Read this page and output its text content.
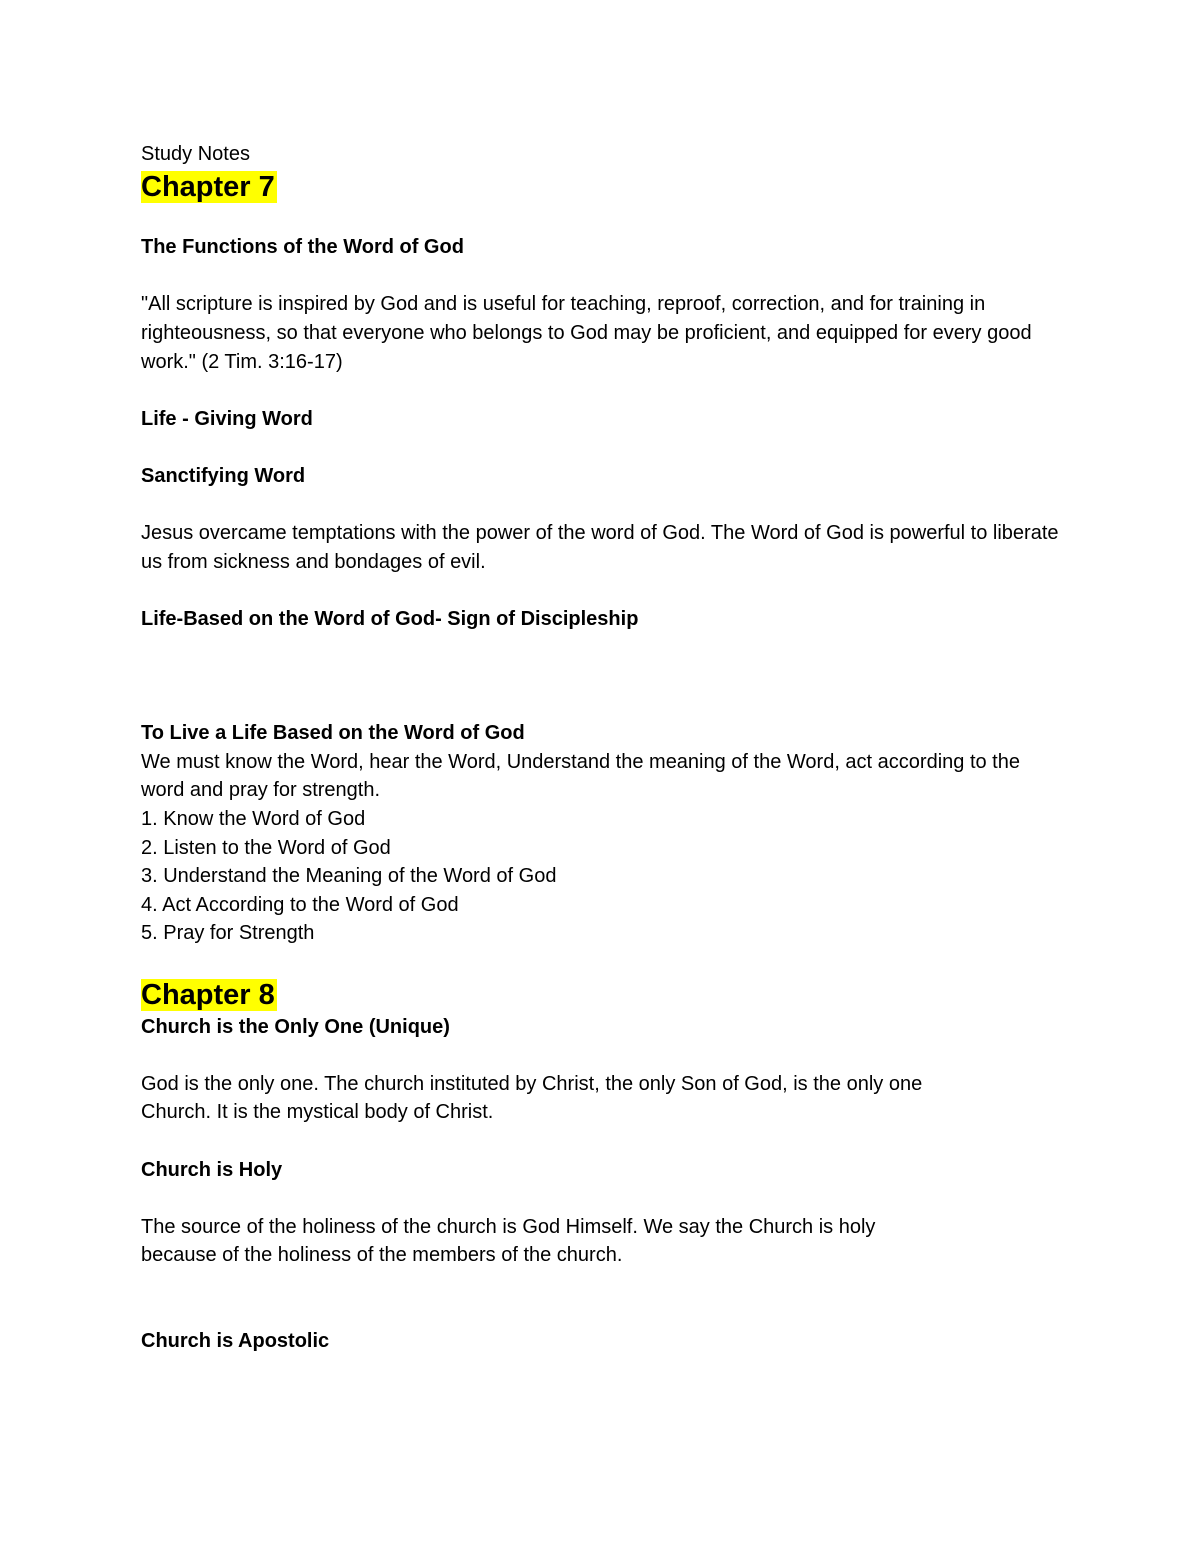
Study Notes

Chapter 7

The Functions of the Word of God

"All scripture is inspired by God and is useful for teaching, reproof, correction, and for training in righteousness, so that everyone who belongs to God may be proficient, and equipped for every good work." (2 Tim. 3:16-17)

Life - Giving Word

Sanctifying Word

Jesus overcame temptations with the power of the word of God. The Word of God is powerful to liberate us from sickness and bondages of evil.

Life-Based on the Word of God- Sign of Discipleship

To Live a Life Based on the Word of God

We must know the Word, hear the Word, Understand the meaning of the Word, act according to the word and pray for strength.

1. Know the Word of God
2. Listen to the Word of God
3. Understand the Meaning of the Word of God
4. Act According to the Word of God
5. Pray for Strength

Chapter 8

Church is the Only One (Unique)

God is the only one. The church instituted by Christ, the only Son of God, is the only one Church. It is the mystical body of Christ.

Church is Holy

The source of the holiness of the church is God Himself. We say the Church is holy because of the holiness of the members of the church.

Church is Apostolic
